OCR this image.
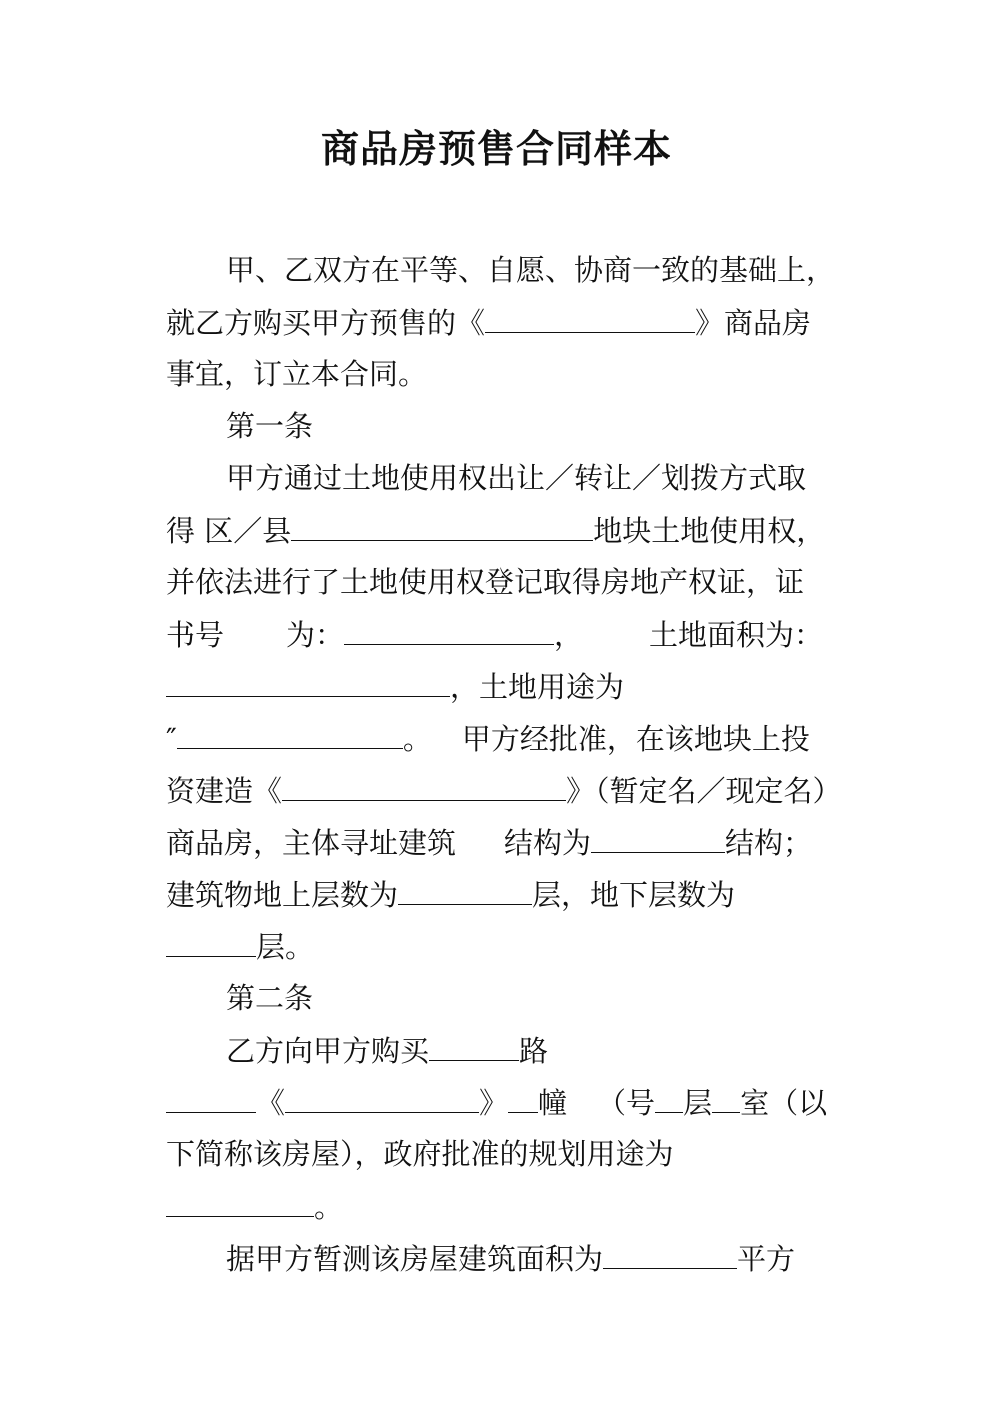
商品房预售合同样本
甲、乙双方在平等、自愿、协商一致的基础上，
就乙方购买甲方预售的《	》商品房
事宜，订立本合同。
第一条
甲方通过土地使用权出让／转让／划拨方式取
得 区／县	地块土地使用权，
并依法进行了土地使用权登记取得房地产权证，证
书号 为：	， 土地面积为：
，土地用途为
″	。 甲方经批准，在该地块上投
资建造《	》（暂定名／现定名）
商品房，主体寻址建筑 结构为	结构；
建筑物地上层数为	层，地下层数为
层。
第二条
乙方向甲方购买	路
《	》 幢 （号 层 室（以
下简称该房屋），政府批准的规划用途为
。
据甲方暂测该房屋建筑面积为	平方
